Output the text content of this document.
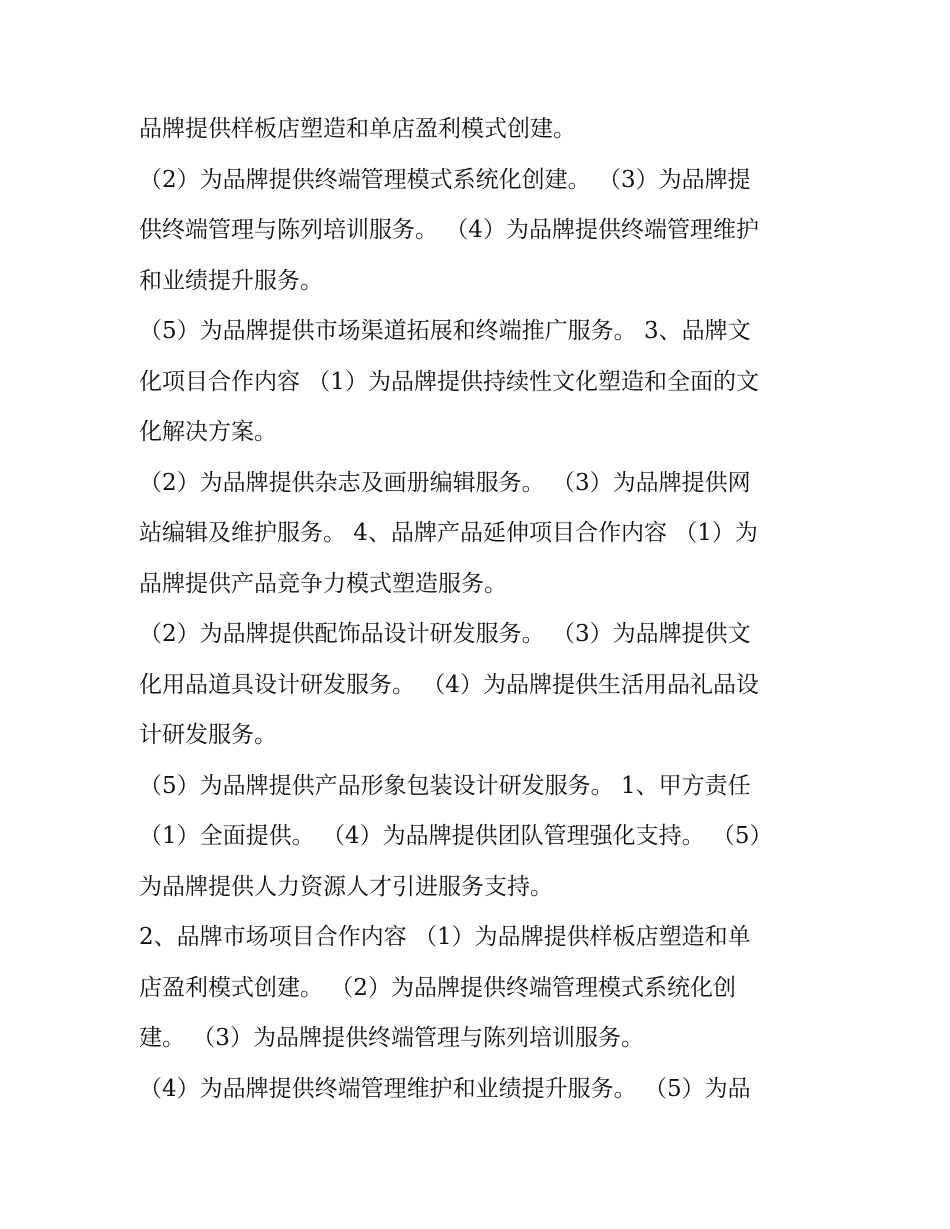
品牌提供样板店塑造和单店盈利模式创建。
（2）为品牌提供终端管理模式系统化创建。 （3）为品牌提
供终端管理与陈列培训服务。 （4）为品牌提供终端管理维护
和业绩提升服务。
（5）为品牌提供市场渠道拓展和终端推广服务。 3、品牌文
化项目合作内容 （1）为品牌提供持续性文化塑造和全面的文
化解决方案。
（2）为品牌提供杂志及画册编辑服务。 （3）为品牌提供网
站编辑及维护服务。 4、品牌产品延伸项目合作内容 （1）为
品牌提供产品竞争力模式塑造服务。
（2）为品牌提供配饰品设计研发服务。 （3）为品牌提供文
化用品道具设计研发服务。 （4）为品牌提供生活用品礼品设
计研发服务。
（5）为品牌提供产品形象包装设计研发服务。 1、甲方责任
（1）全面提供。 （4）为品牌提供团队管理强化支持。 （5）
为品牌提供人力资源人才引进服务支持。
2、品牌市场项目合作内容 （1）为品牌提供样板店塑造和单
店盈利模式创建。 （2）为品牌提供终端管理模式系统化创
建。 （3）为品牌提供终端管理与陈列培训服务。
（4）为品牌提供终端管理维护和业绩提升服务。 （5）为品
